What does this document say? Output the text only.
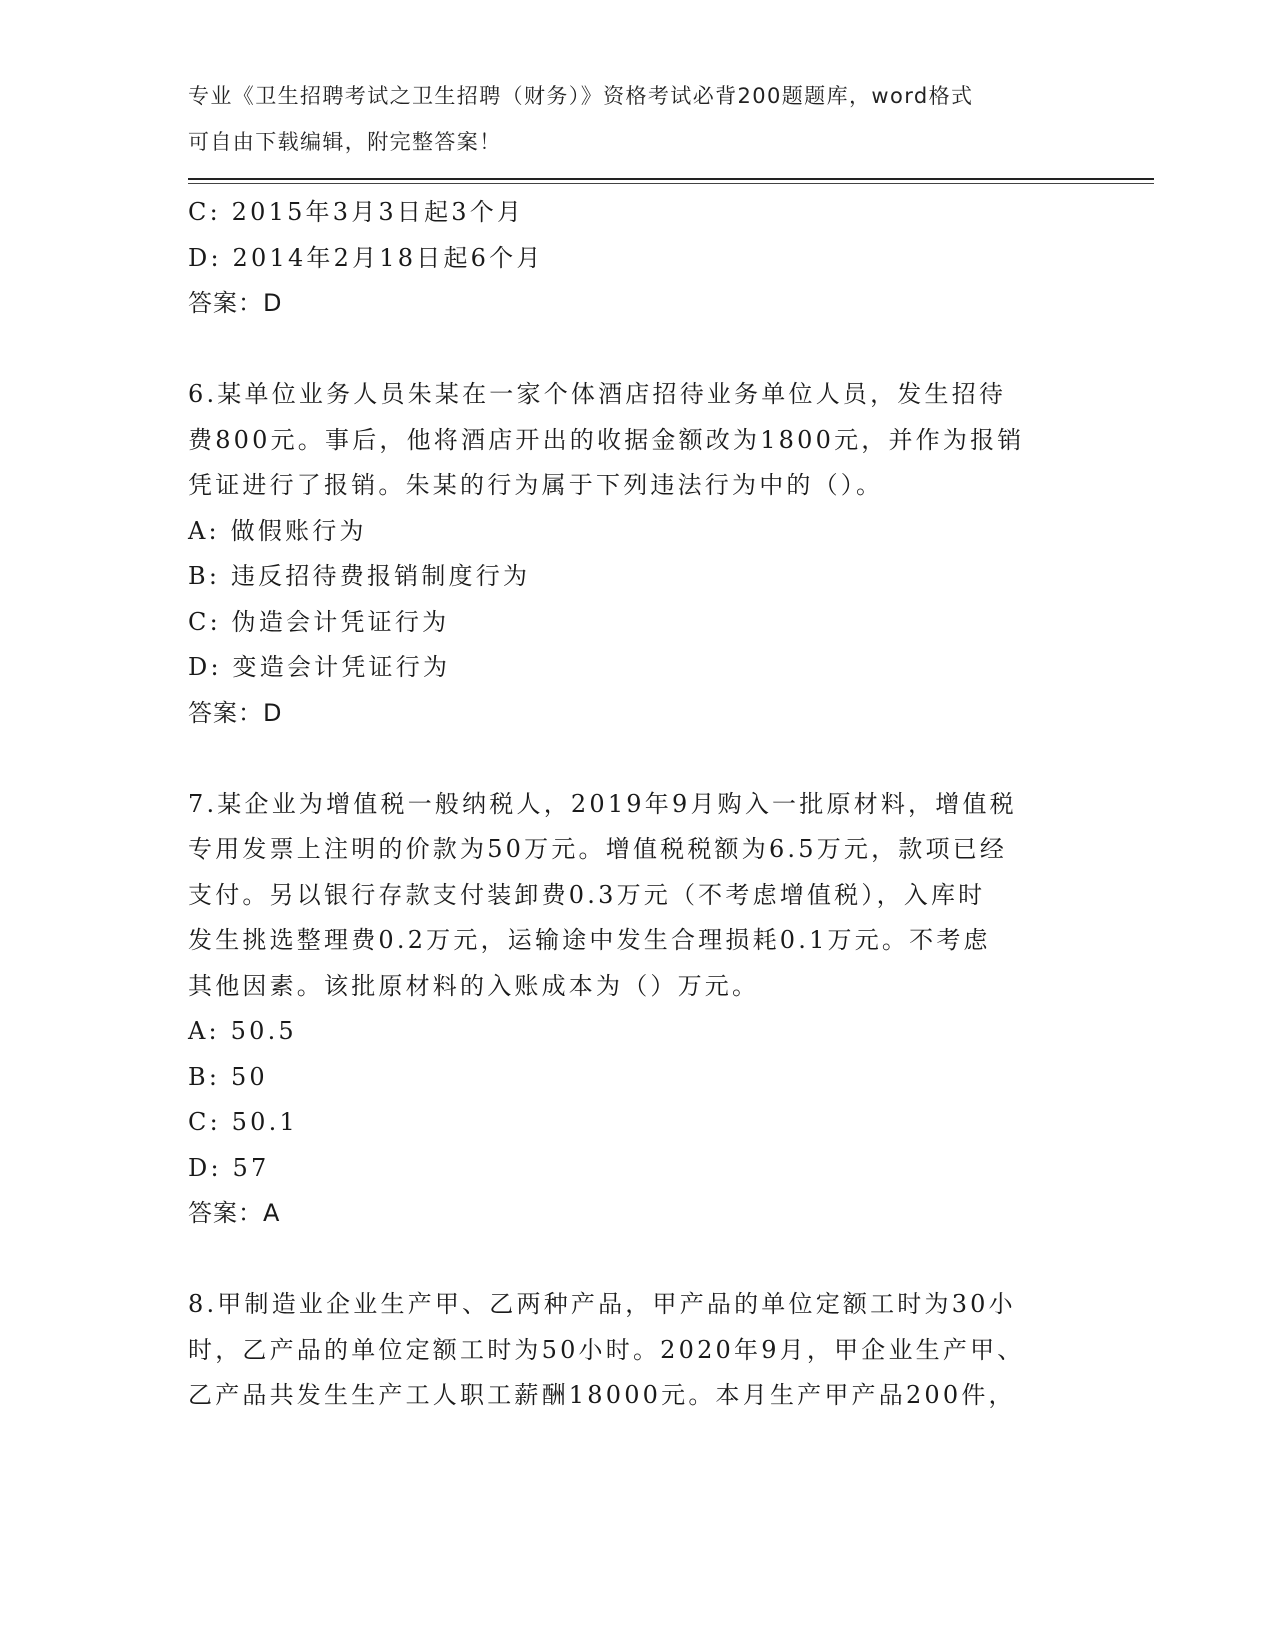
专业《卫生招聘考试之卫生招聘（财务）》资格考试必背200题题库，word格式
可自由下载编辑，附完整答案！
C: 2015年3月3日起3个月
D: 2014年2月18日起6个月
答案：D
6.某单位业务人员朱某在一家个体酒店招待业务单位人员，发生招待
费800元。事后，他将酒店开出的收据金额改为1800元，并作为报销
凭证进行了报销。朱某的行为属于下列违法行为中的（）。
A: 做假账行为
B: 违反招待费报销制度行为
C: 伪造会计凭证行为
D: 变造会计凭证行为
答案：D
7.某企业为增值税一般纳税人，2019年9月购入一批原材料，增值税
专用发票上注明的价款为50万元。增值税税额为6.5万元，款项已经
支付。另以银行存款支付装卸费0.3万元（不考虑增值税），入库时
发生挑选整理费0.2万元，运输途中发生合理损耗0.1万元。不考虑
其他因素。该批原材料的入账成本为（）万元。
A: 50.5
B: 50
C: 50.1
D: 57
答案：A
8.甲制造业企业生产甲、乙两种产品，甲产品的单位定额工时为30小
时，乙产品的单位定额工时为50小时。2020年9月，甲企业生产甲、
乙产品共发生生产工人职工薪酬18000元。本月生产甲产品200件，
